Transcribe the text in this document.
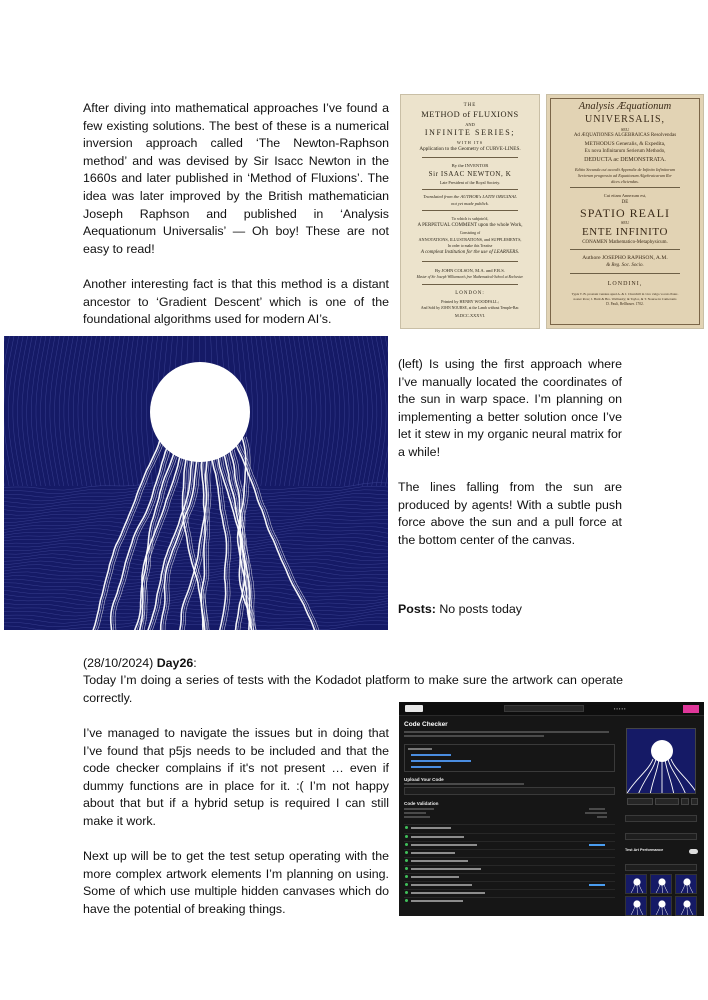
After diving into mathematical approaches I’ve found a few existing solutions. The best of these is a numerical inversion approach called ‘The Newton-Raphson method’ and was devised by Sir Isacc Newton in the 1660s and later published in ‘Method of Fluxions’. The idea was later improved by the British mathematician Joseph Raphson and published in ‘Analysis Aequationum Universalis’ — Oh boy! These are not easy to read!

Another interesting fact is that this method is a distant ancestor to ‘Gradient Descent’ which is one of the foundational algorithms used for modern AI’s.

THE
METHOD of FLUXIONS
AND
INFINITE SERIES;
WITH ITS
Application to the Geometry of CURVE-LINES.
By the INVENTOR
Sir ISAAC NEWTON, K
Late President of the Royal Society.
Translated from the AUTHOR's LATIN ORIGINAL
not yet made publick.
To which is subjoin'd,
A PERPETUAL COMMENT upon the whole Work,
Consisting of
ANNOTATIONS, ILLUSTRATIONS, and SUPPLEMENTS,
In order to make this Treatise
A compleat Institution for the use of LEARNERS.
By JOHN COLSON, M.A. and F.R.S.
Master of Sir Joseph Williamson's free Mathematical-School at Rochester.
LONDON:
Printed by HENRY WOODFALL;
And Sold by JOHN NOURSE, at the Lamb without Temple-Bar.
M.DCC.XXXVI.
Analysis Æquationum
UNIVERSALIS,
SEU
Ad ÆQUATIONES ALGEBRAICAS Resolvendas
METHODUS Generalis, & Expedita,
Ex nova Infinitarum Serierum Methodo,
DEDUCTA ac DEMONSTRATA.
Editio Secunda cui accedit Appendix de Infinito Infinitorum
Serierum progressio ad Equationum Algebraicarum Ra-
dices eliciendas.
Cui etiam Annexum est,
DE
SPATIO REALI
SEU
ENTE INFINITO
CONAMEN Mathematico-Metaphysicum.
Authore JOSEPHO RAPHSON, A.M.
& Reg. Soc. Socio.
LONDINI,
Typis T. B. prostant venales apud A. & J. Churchill in vico vulgo vocato Pater-
noster Row; J. Buttt & Bro. Wellnesly; & Taylor, & T. Nourse in Cameronis
D. Pauli, Bellhouer. 1702.

(left) Is using the first approach where I’ve manually located the coordinates of the sun in warp space. I’m planning on implementing a better solution once I’ve let it stew in my organic neural matrix for a while!

The lines falling from the sun are produced by agents! With a subtle push force above the sun and a pull force at the bottom center of the canvas.

Posts: No posts today
(28/10/2024) Day26:

Today I’m doing a series of tests with the Kodadot platform to make sure the artwork can operate correctly.

I’ve managed to navigate the issues but in doing that I’ve found that p5js needs to be included and that the code checker complains if it's not present … even if dummy functions are in place for it. :( I’m not happy about that but if a hybrid setup is required I can still make it work.

Next up will be to get the test setup operating with the more complex artwork elements I’m planning on using. Some of which use multiple hidden canvases which do have the potential of breaking things.

▪ ▪ ▪ ▪ ▪
Code Checker
Upload Your Code
Code Validation
Test Art Performance
